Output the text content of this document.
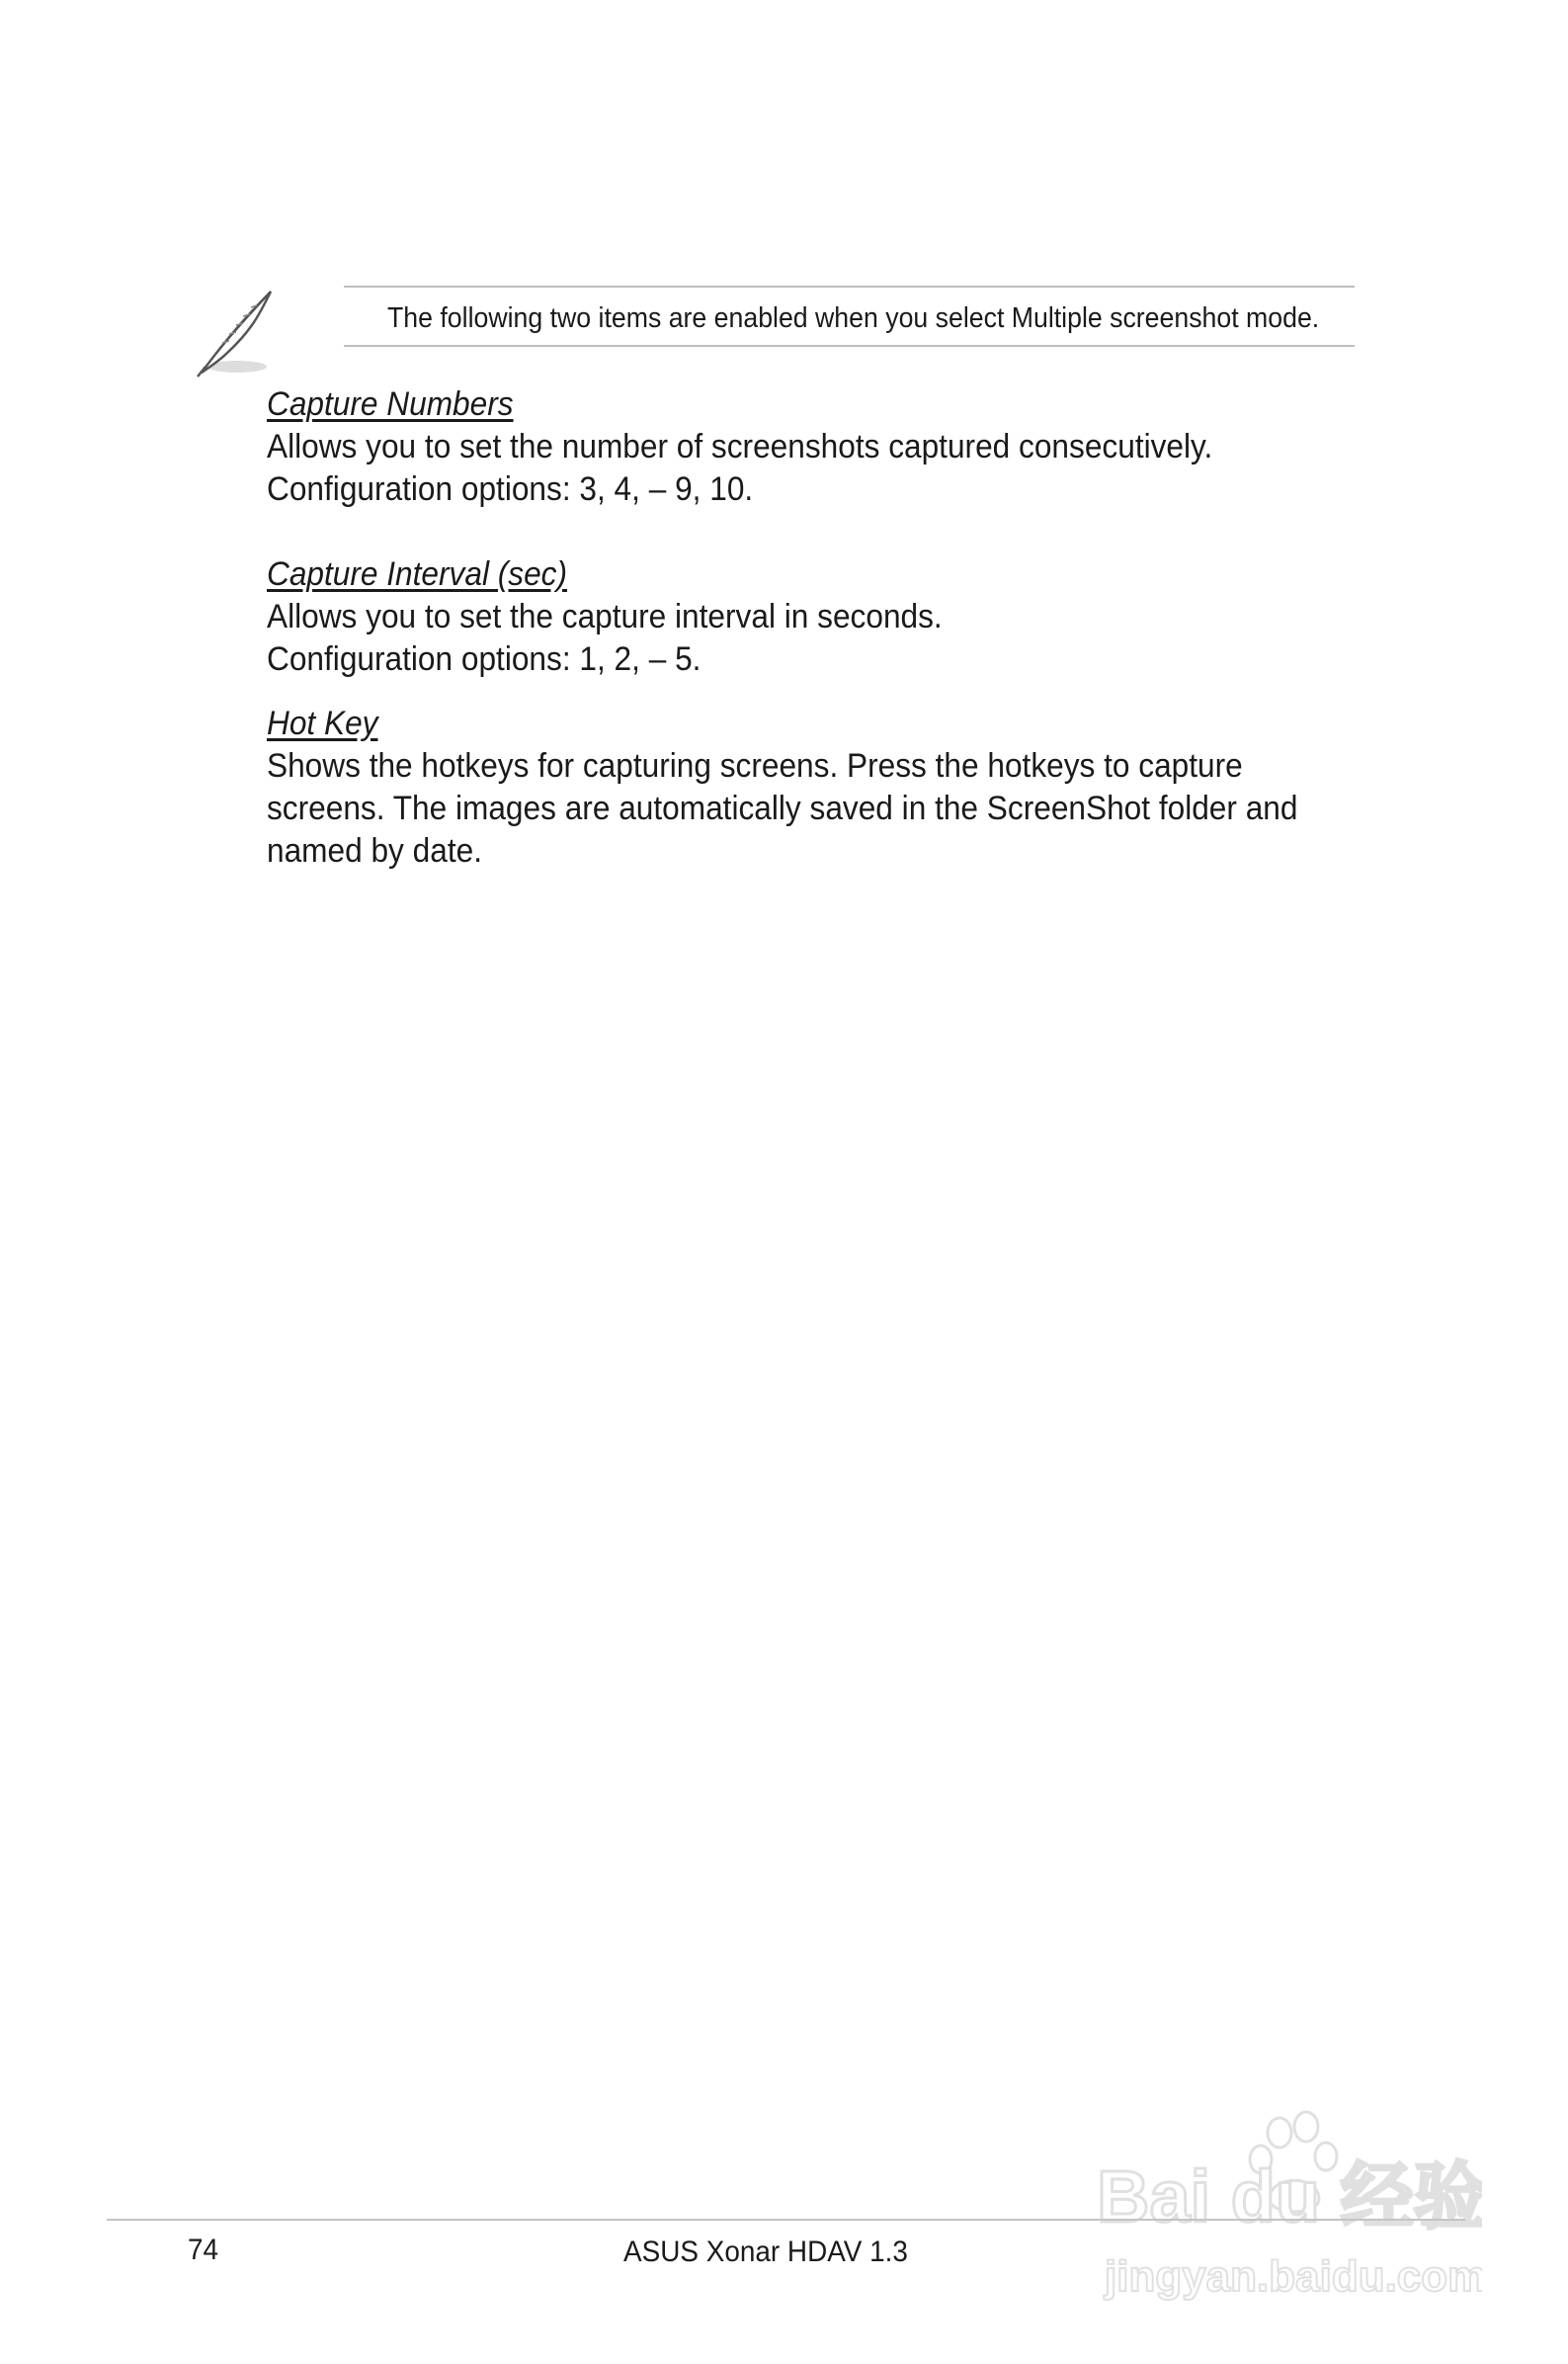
The following two items are enabled when you select Multiple screenshot mode.

Capture Numbers

Allows you to set the number of screenshots captured consecutively.

Configuration options: 3, 4, – 9, 10.

Capture Interval (sec)

Allows you to set the capture interval in seconds.

Configuration options: 1, 2, – 5.

Hot Key

Shows the hotkeys for capturing screens. Press the hotkeys to capture

screens. The images are automatically saved in the ScreenShot folder and

named by date.

Bai du 经验
jingyan.baidu.com
74	ASUS Xonar HDAV 1.3
